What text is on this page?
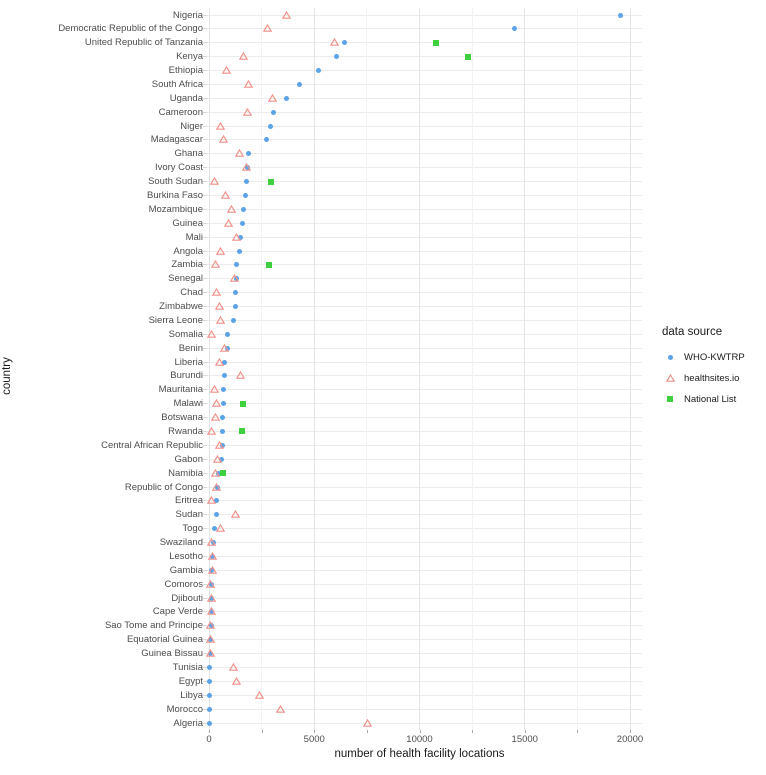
number of health facility locations
country
data source
WHO-KWTRP
healthsites.io
National List
Nigeria
Democratic Republic of the Congo
United Republic of Tanzania
Kenya
Ethiopia
South Africa
Uganda
Cameroon
Niger
Madagascar
Ghana
Ivory Coast
South Sudan
Burkina Faso
Mozambique
Guinea
Mali
Angola
Zambia
Senegal
Chad
Zimbabwe
Sierra Leone
Somalia
Benin
Liberia
Burundi
Mauritania
Malawi
Botswana
Rwanda
Central African Republic
Gabon
Namibia
Republic of Congo
Eritrea
Sudan
Togo
Swaziland
Lesotho
Gambia
Comoros
Djibouti
Cape Verde
Sao Tome and Principe
Equatorial Guinea
Guinea Bissau
Tunisia
Egypt
Libya
Morocco
Algeria
0	5000	10000	15000	20000
